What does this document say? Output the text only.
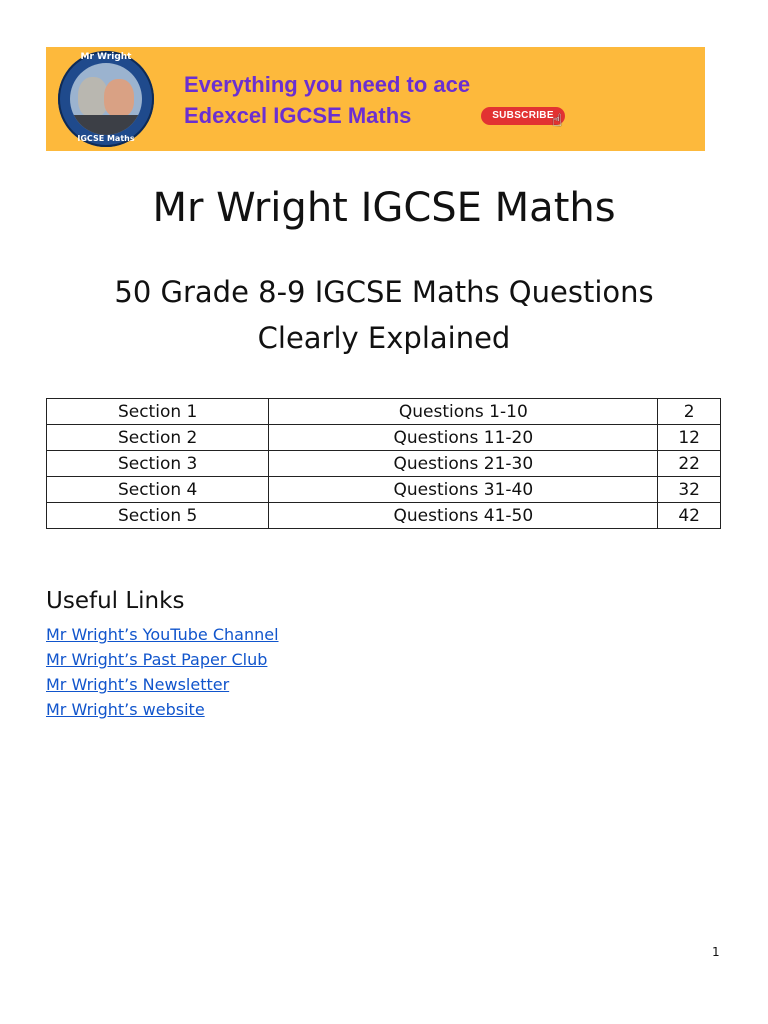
Mr Wright
IGCSE Maths
Everything you need to ace
Edexcel IGCSE Maths	SUBSCRIBE
☝
Mr Wright IGCSE Maths
50 Grade 8-9 IGCSE Maths Questions
Clearly Explained
Section 1	Questions 1-10	2
Section 2	Questions 11-20	12
Section 3	Questions 21-30	22
Section 4	Questions 31-40	32
Section 5	Questions 41-50	42
Useful Links
Mr Wright’s YouTube Channel
Mr Wright’s Past Paper Club
Mr Wright’s Newsletter
Mr Wright’s website
1
